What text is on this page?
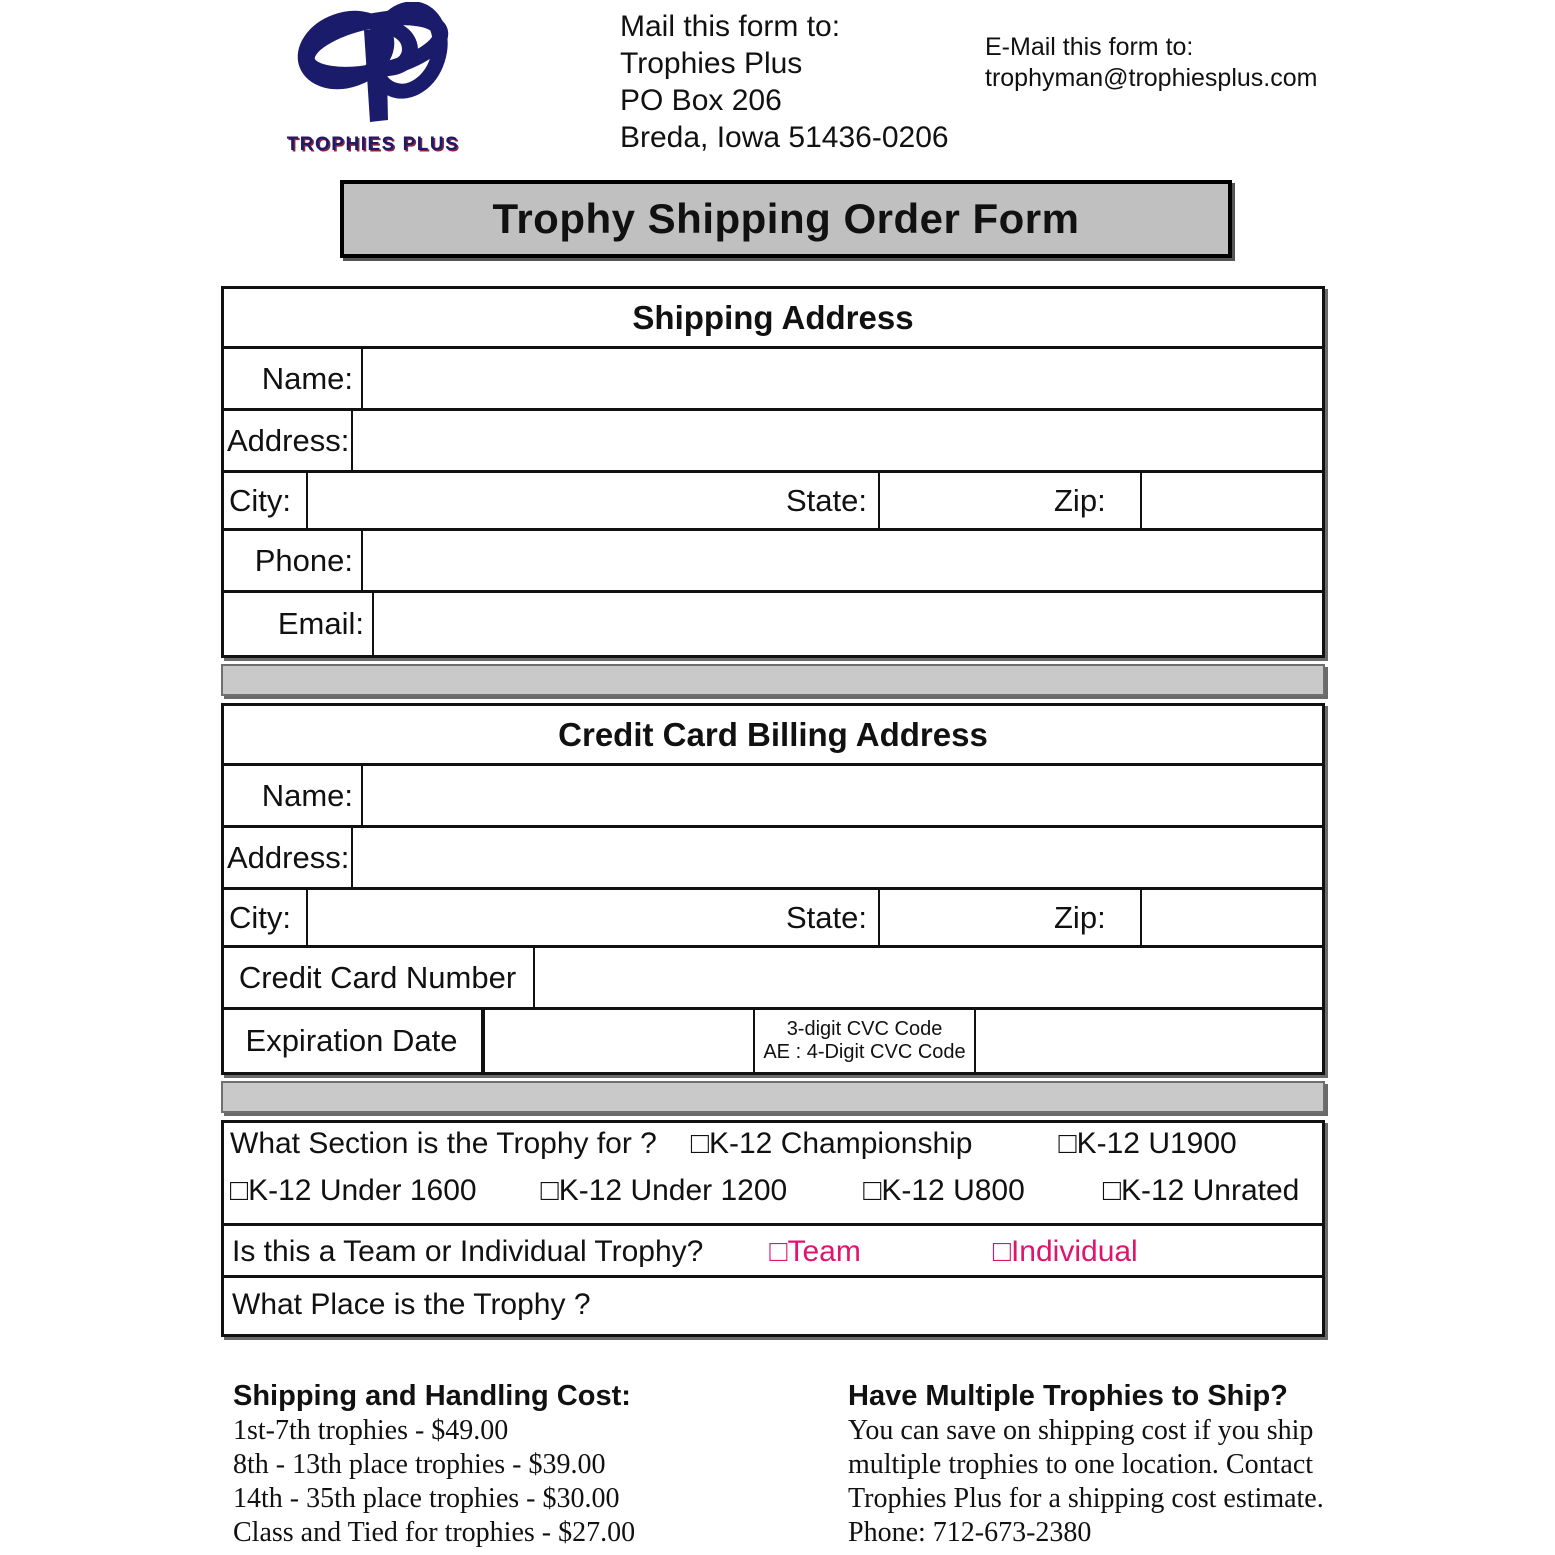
TROPHIES PLUS
Mail this form to:
Trophies Plus
PO Box 206
Breda, Iowa 51436-0206
E-Mail this form to:
trophyman@trophiesplus.com
Trophy Shipping Order Form
Shipping Address
Name:
Address:
City:	State:	Zip:
Phone:
Email:
Credit Card Billing Address
Name:
Address:
City:	State:	Zip:
Credit Card Number
Expiration Date	3-digit CVC Code
AE : 4-Digit CVC Code
What Section is the Trophy for ? □ K-12 Championship	□ K-12 U1900
□ K-12 Under 1600 □ K-12 Under 1200	□ K-12 U800	□ K-12 Unrated
Is this a Team or Individual Trophy? □ Team	□ Individual
What Place is the Trophy ?
Shipping and Handling Cost:
1st-7th trophies - $49.00
8th - 13th place trophies - $39.00
14th - 35th place trophies - $30.00
Class and Tied for trophies - $27.00
Have Multiple Trophies to Ship?
You can save on shipping cost if you ship multiple trophies to one location. Contact Trophies Plus for a shipping cost estimate.
Phone: 712-673-2380
